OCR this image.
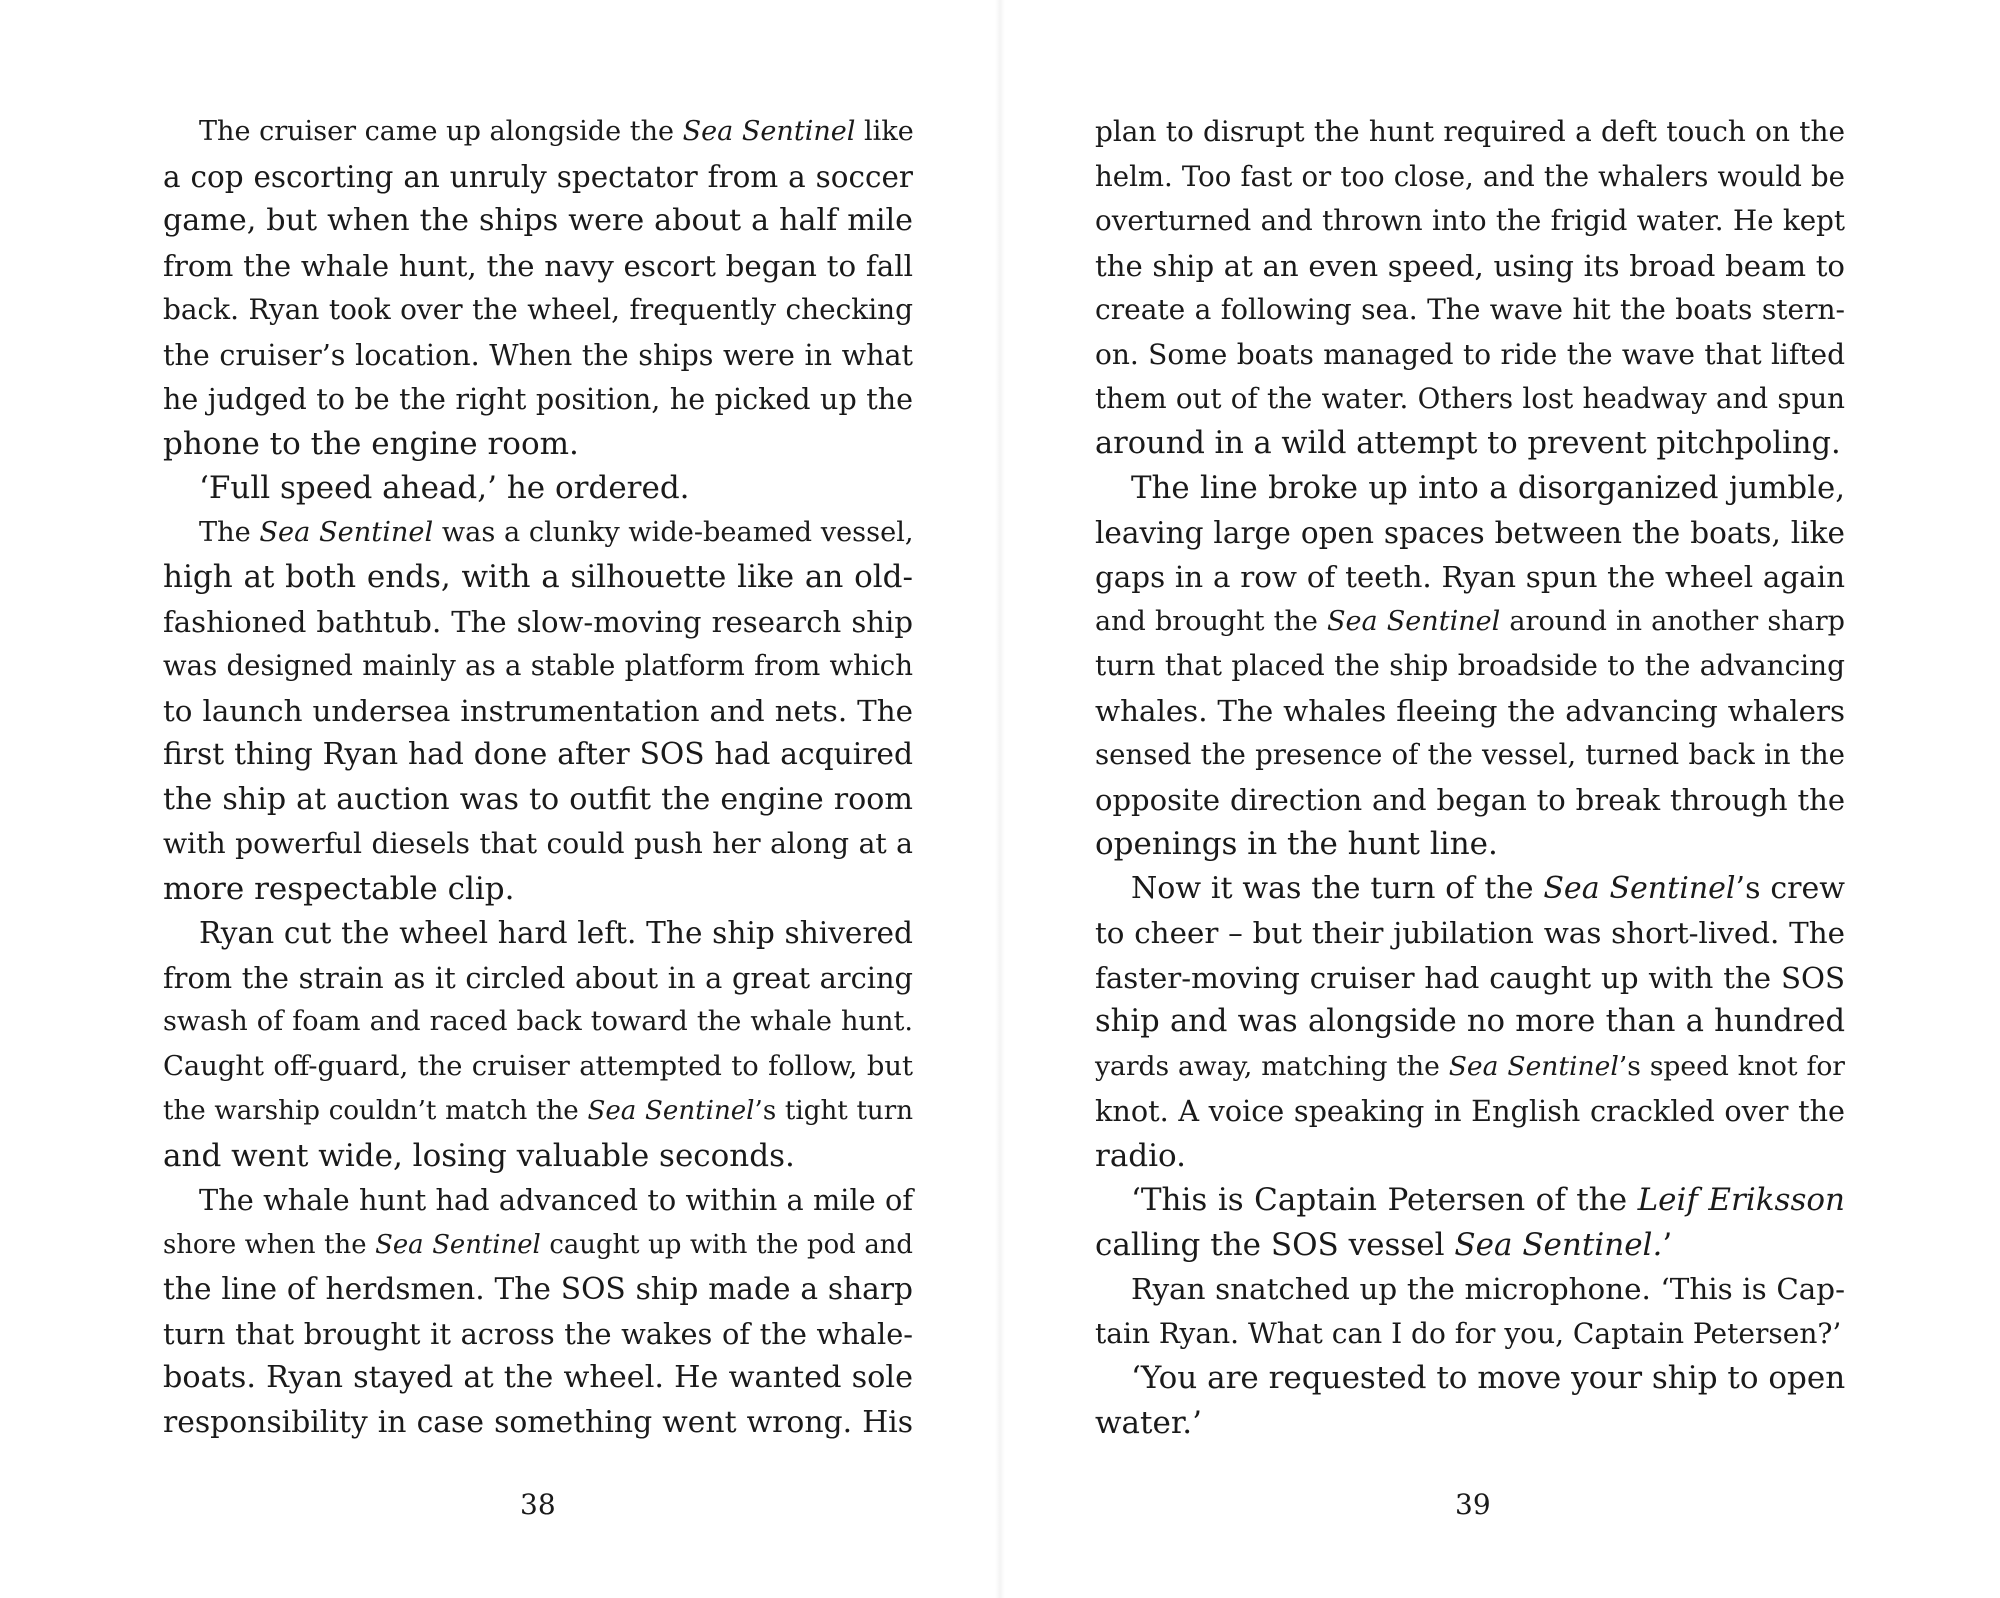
The cruiser came up alongside the Sea Sentinel like
a cop escorting an unruly spectator from a soccer
game, but when the ships were about a half mile
from the whale hunt, the navy escort began to fall
back. Ryan took over the wheel, frequently checking
the cruiser’s location. When the ships were in what
he judged to be the right position, he picked up the
phone to the engine room.
‘Full speed ahead,’ he ordered.
The Sea Sentinel was a clunky wide-beamed vessel,
high at both ends, with a silhouette like an old-
fashioned bathtub. The slow-moving research ship
was designed mainly as a stable platform from which
to launch undersea instrumentation and nets. The
first thing Ryan had done after SOS had acquired
the ship at auction was to outfit the engine room
with powerful diesels that could push her along at a
more respectable clip.
Ryan cut the wheel hard left. The ship shivered
from the strain as it circled about in a great arcing
swash of foam and raced back toward the whale hunt.
Caught off-guard, the cruiser attempted to follow, but
the warship couldn’t match the Sea Sentinel’s tight turn
and went wide, losing valuable seconds.
The whale hunt had advanced to within a mile of
shore when the Sea Sentinel caught up with the pod and
the line of herdsmen. The SOS ship made a sharp
turn that brought it across the wakes of the whale-
boats. Ryan stayed at the wheel. He wanted sole
responsibility in case something went wrong. His
38
plan to disrupt the hunt required a deft touch on the
helm. Too fast or too close, and the whalers would be
overturned and thrown into the frigid water. He kept
the ship at an even speed, using its broad beam to
create a following sea. The wave hit the boats stern-
on. Some boats managed to ride the wave that lifted
them out of the water. Others lost headway and spun
around in a wild attempt to prevent pitchpoling.
The line broke up into a disorganized jumble,
leaving large open spaces between the boats, like
gaps in a row of teeth. Ryan spun the wheel again
and brought the Sea Sentinel around in another sharp
turn that placed the ship broadside to the advancing
whales. The whales fleeing the advancing whalers
sensed the presence of the vessel, turned back in the
opposite direction and began to break through the
openings in the hunt line.
Now it was the turn of the Sea Sentinel’s crew
to cheer – but their jubilation was short-lived. The
faster-moving cruiser had caught up with the SOS
ship and was alongside no more than a hundred
yards away, matching the Sea Sentinel’s speed knot for
knot. A voice speaking in English crackled over the
radio.
‘This is Captain Petersen of the Leif Eriksson
calling the SOS vessel Sea Sentinel.’
Ryan snatched up the microphone. ‘This is Cap-
tain Ryan. What can I do for you, Captain Petersen?’
‘You are requested to move your ship to open
water.’
39
